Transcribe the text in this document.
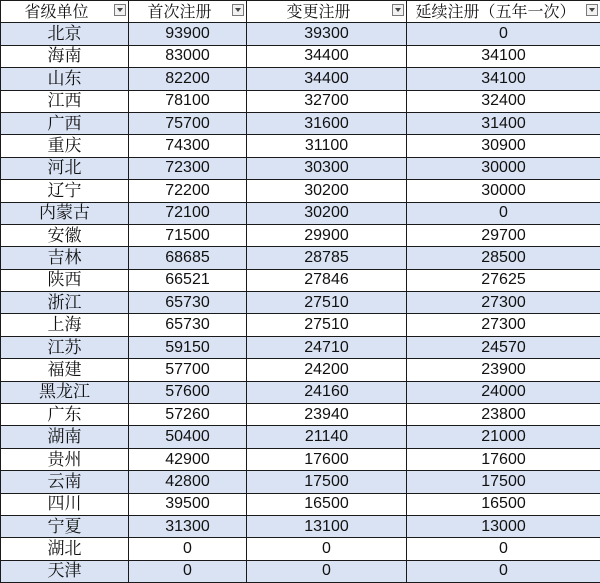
省级单位	首次注册	变更注册	延续注册（五年一次）

北京	93900	39300	0
海南	83000	34400	34100
山东	82200	34400	34100
江西	78100	32700	32400
广西	75700	31600	31400
重庆	74300	31100	30900
河北	72300	30300	30000
辽宁	72200	30200	30000
内蒙古	72100	30200	0
安徽	71500	29900	29700
吉林	68685	28785	28500
陕西	66521	27846	27625
浙江	65730	27510	27300
上海	65730	27510	27300
江苏	59150	24710	24570
福建	57700	24200	23900
黑龙江	57600	24160	24000
广东	57260	23940	23800
湖南	50400	21140	21000
贵州	42900	17600	17600
云南	42800	17500	17500
四川	39500	16500	16500
宁夏	31300	13100	13000
湖北	0	0	0
天津	0	0	0
